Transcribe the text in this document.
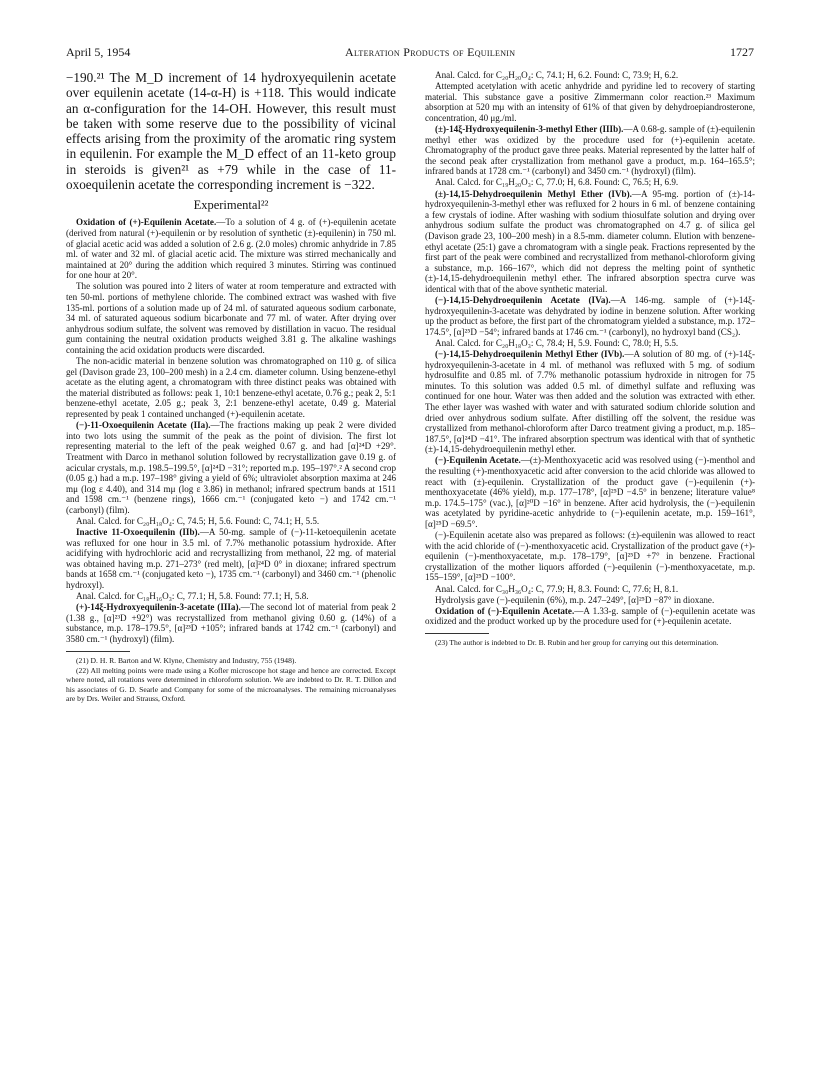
April 5, 1954	Alteration Products of Equilenin	1727

−190.²¹ The M_D increment of 14 hydroxyequilenin acetate over equilenin acetate (14-α-H) is +118. This would indicate an α-configuration for the 14-OH. However, this result must be taken with some reserve due to the possibility of vicinal effects arising from the proximity of the aromatic ring system in equilenin. For example the M_D effect of an 11-keto group in steroids is given²¹ as +79 while in the case of 11-oxoequilenin acetate the corresponding increment is −322.

Experimental²²

Oxidation of (+)-Equilenin Acetate.—To a solution of 4 g. of (+)-equilenin acetate (derived from natural (+)-equilenin or by resolution of synthetic (±)-equilenin) in 750 ml. of glacial acetic acid was added a solution of 2.6 g. (2.0 moles) chromic anhydride in 7.85 ml. of water and 32 ml. of glacial acetic acid. The mixture was stirred mechanically and maintained at 20° during the addition which required 3 minutes. Stirring was continued for one hour at 20°.

The solution was poured into 2 liters of water at room temperature and extracted with ten 50-ml. portions of methylene chloride. The combined extract was washed with five 135-ml. portions of a solution made up of 24 ml. of saturated aqueous sodium carbonate, 34 ml. of saturated aqueous sodium bicarbonate and 77 ml. of water. After drying over anhydrous sodium sulfate, the solvent was removed by distillation in vacuo. The residual gum containing the neutral oxidation products weighed 3.81 g. The alkaline washings containing the acid oxidation products were discarded.

The non-acidic material in benzene solution was chromatographed on 110 g. of silica gel (Davison grade 23, 100–200 mesh) in a 2.4 cm. diameter column. Using benzene-ethyl acetate as the eluting agent, a chromatogram with three distinct peaks was obtained with the material distributed as follows: peak 1, 10:1 benzene-ethyl acetate, 0.76 g.; peak 2, 5:1 benzene-ethyl acetate, 2.05 g.; peak 3, 2:1 benzene-ethyl acetate, 0.49 g. Material represented by peak 1 contained unchanged (+)-equilenin acetate.

(−)-11-Oxoequilenin Acetate (IIa).—The fractions making up peak 2 were divided into two lots using the summit of the peak as the point of division. The first lot representing material to the left of the peak weighed 0.67 g. and had [α]²⁴D +29°. Treatment with Darco in methanol solution followed by recrystallization gave 0.19 g. of acicular crystals, m.p. 198.5–199.5°, [α]²⁴D −31°; reported m.p. 195–197°.² A second crop (0.05 g.) had a m.p. 197–198° giving a yield of 6%; ultraviolet absorption maxima at 246 mμ (log ε 4.40), and 314 mμ (log ε 3.86) in methanol; infrared spectrum bands at 1511 and 1598 cm.⁻¹ (benzene rings), 1666 cm.⁻¹ (conjugated keto −) and 1742 cm.⁻¹ (carbonyl) (film).

Anal. Calcd. for C₂₀H₁₈O₄: C, 74.5; H, 5.6. Found: C, 74.1; H, 5.5.

Inactive 11-Oxoequilenin (IIb).—A 50-mg. sample of (−)-11-ketoequilenin acetate was refluxed for one hour in 3.5 ml. of 7.7% methanolic potassium hydroxide. After acidifying with hydrochloric acid and recrystallizing from methanol, 22 mg. of material was obtained having m.p. 271–273° (red melt), [α]²⁴D 0° in dioxane; infrared spectrum bands at 1658 cm.⁻¹ (conjugated keto −), 1735 cm.⁻¹ (carbonyl) and 3460 cm.⁻¹ (phenolic hydroxyl).

Anal. Calcd. for C₁₈H₁₆O₃: C, 77.1; H, 5.8. Found: 77.1; H, 5.8.

(+)-14ξ-Hydroxyequilenin-3-acetate (IIIa).—The second lot of material from peak 2 (1.38 g., [α]²³D +92°) was recrystallized from methanol giving 0.60 g. (14%) of a substance, m.p. 178–179.5°, [α]²³D +105°; infrared bands at 1742 cm.⁻¹ (carbonyl) and 3580 cm.⁻¹ (hydroxyl) (film).

(21) D. H. R. Barton and W. Klyne, Chemistry and Industry, 755 (1948).

(22) All melting points were made using a Kofler microscope hot stage and hence are corrected. Except where noted, all rotations were determined in chloroform solution. We are indebted to Dr. R. T. Dillon and his associates of G. D. Searle and Company for some of the microanalyses. The remaining microanalyses are by Drs. Weiler and Strauss, Oxford.

Anal. Calcd. for C₂₀H₂₀O₄: C, 74.1; H, 6.2. Found: C, 73.9; H, 6.2.

Attempted acetylation with acetic anhydride and pyridine led to recovery of starting material. This substance gave a positive Zimmermann color reaction.²³ Maximum absorption at 520 mμ with an intensity of 61% of that given by dehydroepiandrosterone, concentration, 40 μg./ml.

(±)-14ξ-Hydroxyequilenin-3-methyl Ether (IIIb).—A 0.68-g. sample of (±)-equilenin methyl ether was oxidized by the procedure used for (+)-equilenin acetate. Chromatography of the product gave three peaks. Material represented by the latter half of the second peak after crystallization from methanol gave a product, m.p. 164–165.5°; infrared bands at 1728 cm.⁻¹ (carbonyl) and 3450 cm.⁻¹ (hydroxyl) (film).

Anal. Calcd. for C₁₉H₂₀O₃: C, 77.0; H, 6.8. Found: C, 76.5; H, 6.9.

(±)-14,15-Dehydroequilenin Methyl Ether (IVb).—A 95-mg. portion of (±)-14-hydroxyequilenin-3-methyl ether was refluxed for 2 hours in 6 ml. of benzene containing a few crystals of iodine. After washing with sodium thiosulfate solution and drying over anhydrous sodium sulfate the product was chromatographed on 4.7 g. of silica gel (Davison grade 23, 100–200 mesh) in a 8.5-mm. diameter column. Elution with benzene-ethyl acetate (25:1) gave a chromatogram with a single peak. Fractions represented by the first part of the peak were combined and recrystallized from methanol-chloroform giving a substance, m.p. 166–167°, which did not depress the melting point of synthetic (±)-14,15-dehydroequilenin methyl ether. The infrared absorption spectra curve was identical with that of the above synthetic material.

(−)-14,15-Dehydroequilenin Acetate (IVa).—A 146-mg. sample of (+)-14ξ-hydroxyequilenin-3-acetate was dehydrated by iodine in benzene solution. After working up the product as before, the first part of the chromatogram yielded a substance, m.p. 172–174.5°, [α]²⁵D −54°; infrared bands at 1746 cm.⁻¹ (carbonyl), no hydroxyl band (CS₂).

Anal. Calcd. for C₂₀H₁₈O₃: C, 78.4; H, 5.9. Found: C, 78.0; H, 5.5.

(−)-14,15-Dehydroequilenin Methyl Ether (IVb).—A solution of 80 mg. of (+)-14ξ-hydroxyequilenin-3-acetate in 4 ml. of methanol was refluxed with 5 mg. of sodium hydrosulfite and 0.85 ml. of 7.7% methanolic potassium hydroxide in nitrogen for 75 minutes. To this solution was added 0.5 ml. of dimethyl sulfate and refluxing was continued for one hour. Water was then added and the solution was extracted with ether. The ether layer was washed with water and with saturated sodium chloride solution and dried over anhydrous sodium sulfate. After distilling off the solvent, the residue was crystallized from methanol-chloroform after Darco treatment giving a product, m.p. 185–187.5°, [α]²⁴D −41°. The infrared absorption spectrum was identical with that of synthetic (±)-14,15-dehydroequilenin methyl ether.

(−)-Equilenin Acetate.—(±)-Menthoxyacetic acid was resolved using (−)-menthol and the resulting (+)-menthoxyacetic acid after conversion to the acid chloride was allowed to react with (±)-equilenin. Crystallization of the product gave (−)-equilenin (+)-menthoxyacetate (46% yield), m.p. 177–178°, [α]²⁵D −4.5° in benzene; literature value⁸ m.p. 174.5–175° (vac.), [α]²⁰D −16° in benzene. After acid hydrolysis, the (−)-equilenin was acetylated by pyridine-acetic anhydride to (−)-equilenin acetate, m.p. 159–161°, [α]²⁵D −69.5°.

(−)-Equilenin acetate also was prepared as follows: (±)-equilenin was allowed to react with the acid chloride of (−)-menthoxyacetic acid. Crystallization of the product gave (+)-equilenin (−)-menthoxyacetate, m.p. 178–179°, [α]²⁵D +7° in benzene. Fractional crystallization of the mother liquors afforded (−)-equilenin (−)-menthoxyacetate, m.p. 155–159°, [α]²⁵D −100°.

Anal. Calcd. for C₃₀H₃₆O₄: C, 77.9; H, 8.3. Found: C, 77.6; H, 8.1.

Hydrolysis gave (−)-equilenin (6%), m.p. 247–249°, [α]²⁵D −87° in dioxane.

Oxidation of (−)-Equilenin Acetate.—A 1.33-g. sample of (−)-equilenin acetate was oxidized and the product worked up by the procedure used for (+)-equilenin acetate.

(23) The author is indebted to Dr. B. Rubin and her group for carrying out this determination.
